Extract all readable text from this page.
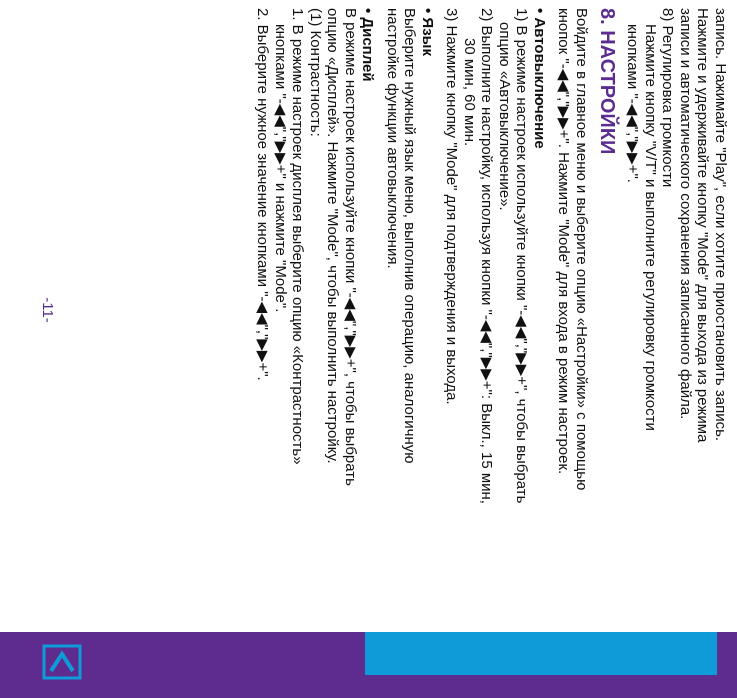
запись. Нажимайте "Play", если хотите приостановить запись.

Нажмите и удерживайте кнопку "Mode" для выхода из режима

записи и автоматического сохранения записанного файла.

8) Регулировка громкости

Нажмите кнопку "V/T" и выполните регулировку громкости

кнопками "-◀◀","▶▶+".

8. НАСТРОЙКИ

Войдите в главное меню и выберите опцию «Настройки» с помощью

кнопок "-◀◀","▶▶+". Нажмите "Mode" для входа в режим настроек.

• Автовыключение

1) В режиме настроек используйте кнопки "-◀◀","▶▶+", чтобы выбрать

опцию «Автовыключение».

2) Выполните настройку, используя кнопки "-◀◀","▶▶+": Выкл., 15 мин,

30 мин, 60 мин.

3) Нажмите кнопку "Mode" для подтверждения и выхода.

• Язык

Выберите нужный язык меню, выполнив операцию, аналогичную

настройке функции автовыключения.

• Дисплей

В режиме настроек используйте кнопки "-◀◀","▶▶+", чтобы выбрать

опцию «Дисплей». Нажмите "Mode", чтобы выполнить настройку.

(1) Контрастность:

1. В режиме настроек дисплея выберите опцию «Контрастность»

кнопками "-◀◀","▶▶+" и нажмите "Mode".

2. Выберите нужное значение кнопками "-◀◀","▶▶+".

-11-
